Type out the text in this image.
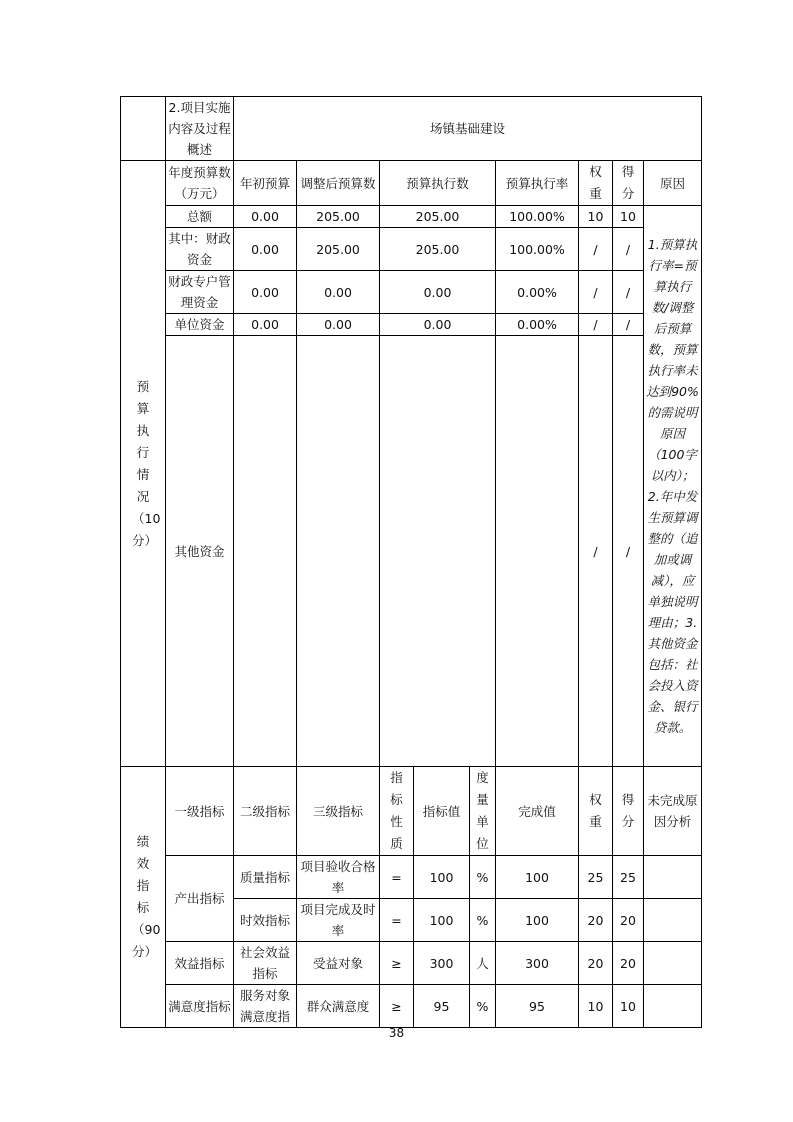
	2.项目实施内容及过程概述	场镇基础建设								

预算执行情况（10分）	年度预算数（万元）	年初预算	调整后预算数	预算执行数			预算执行率	权重	得分	原因
	总额	0.00	205.00	205.00			100.00%	10	10	1.预算执行率=预算执行数/调整后预算数，预算执行率未达到90%的需说明原因（100字以内）；2.年中发生预算调整的（追加或调减），应单独说明理由；3.其他资金包括：社会投入资金、银行贷款。
	其中：财政资金	0.00	205.00	205.00			100.00%	/	/	
	财政专户管理资金	0.00	0.00	0.00			0.00%	/	/	
	单位资金	0.00	0.00	0.00			0.00%	/	/	
	其他资金							/	/	

绩效指标（90分）	一级指标	二级指标	三级指标	指标性质	指标值	度量单位	完成值	权重	得分	未完成原因分析
	产出指标	质量指标	项目验收合格率	=	100	%	100	25	25	
		时效指标	项目完成及时率	=	100	%	100	20	20	
	效益指标	社会效益指标	受益对象	≥	300	人	300	20	20	
	满意度指标	服务对象满意度指	群众满意度	≥	95	%	95	10	10	
38
